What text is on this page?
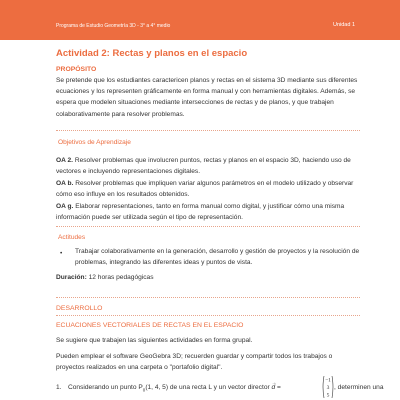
Programa de Estudio Geometría 3D - 3° a 4° medio	Unidad 1
Actividad 2: Rectas y planos en el espacio
PROPÓSITO
Se pretende que los estudiantes caractericen planos y rectas en el sistema 3D mediante sus diferentes
ecuaciones y los representen gráficamente en forma manual y con herramientas digitales. Además, se
espera que modelen situaciones mediante intersecciones de rectas y de planos, y que trabajen
colaborativamente para resolver problemas.
Objetivos de Aprendizaje
OA 2. Resolver problemas que involucren puntos, rectas y planos en el espacio 3D, haciendo uso de
vectores e incluyendo representaciones digitales.
OA b. Resolver problemas que impliquen variar algunos parámetros en el modelo utilizado y observar
cómo eso influye en los resultados obtenidos.
OA g. Elaborar representaciones, tanto en forma manual como digital, y justificar cómo una misma
información puede ser utilizada según el tipo de representación.
Actitudes
• Trabajar colaborativamente en la generación, desarrollo y gestión de proyectos y la resolución de
problemas, integrando las diferentes ideas y puntos de vista.
Duración: 12 horas pedagógicas
DESARROLLO
ECUACIONES VECTORIALES DE RECTAS EN EL ESPACIO
Se sugiere que trabajen las siguientes actividades en forma grupal.
Pueden emplear el software GeoGebra 3D; recuerden guardar y compartir todos los trabajos o
proyectos realizados en una carpeta o "portafolio digital".
1. Considerando un punto $P_0(1$, 4, 5) de una recta L y un vector director d
→
=
−1
3
5
, determinen una
